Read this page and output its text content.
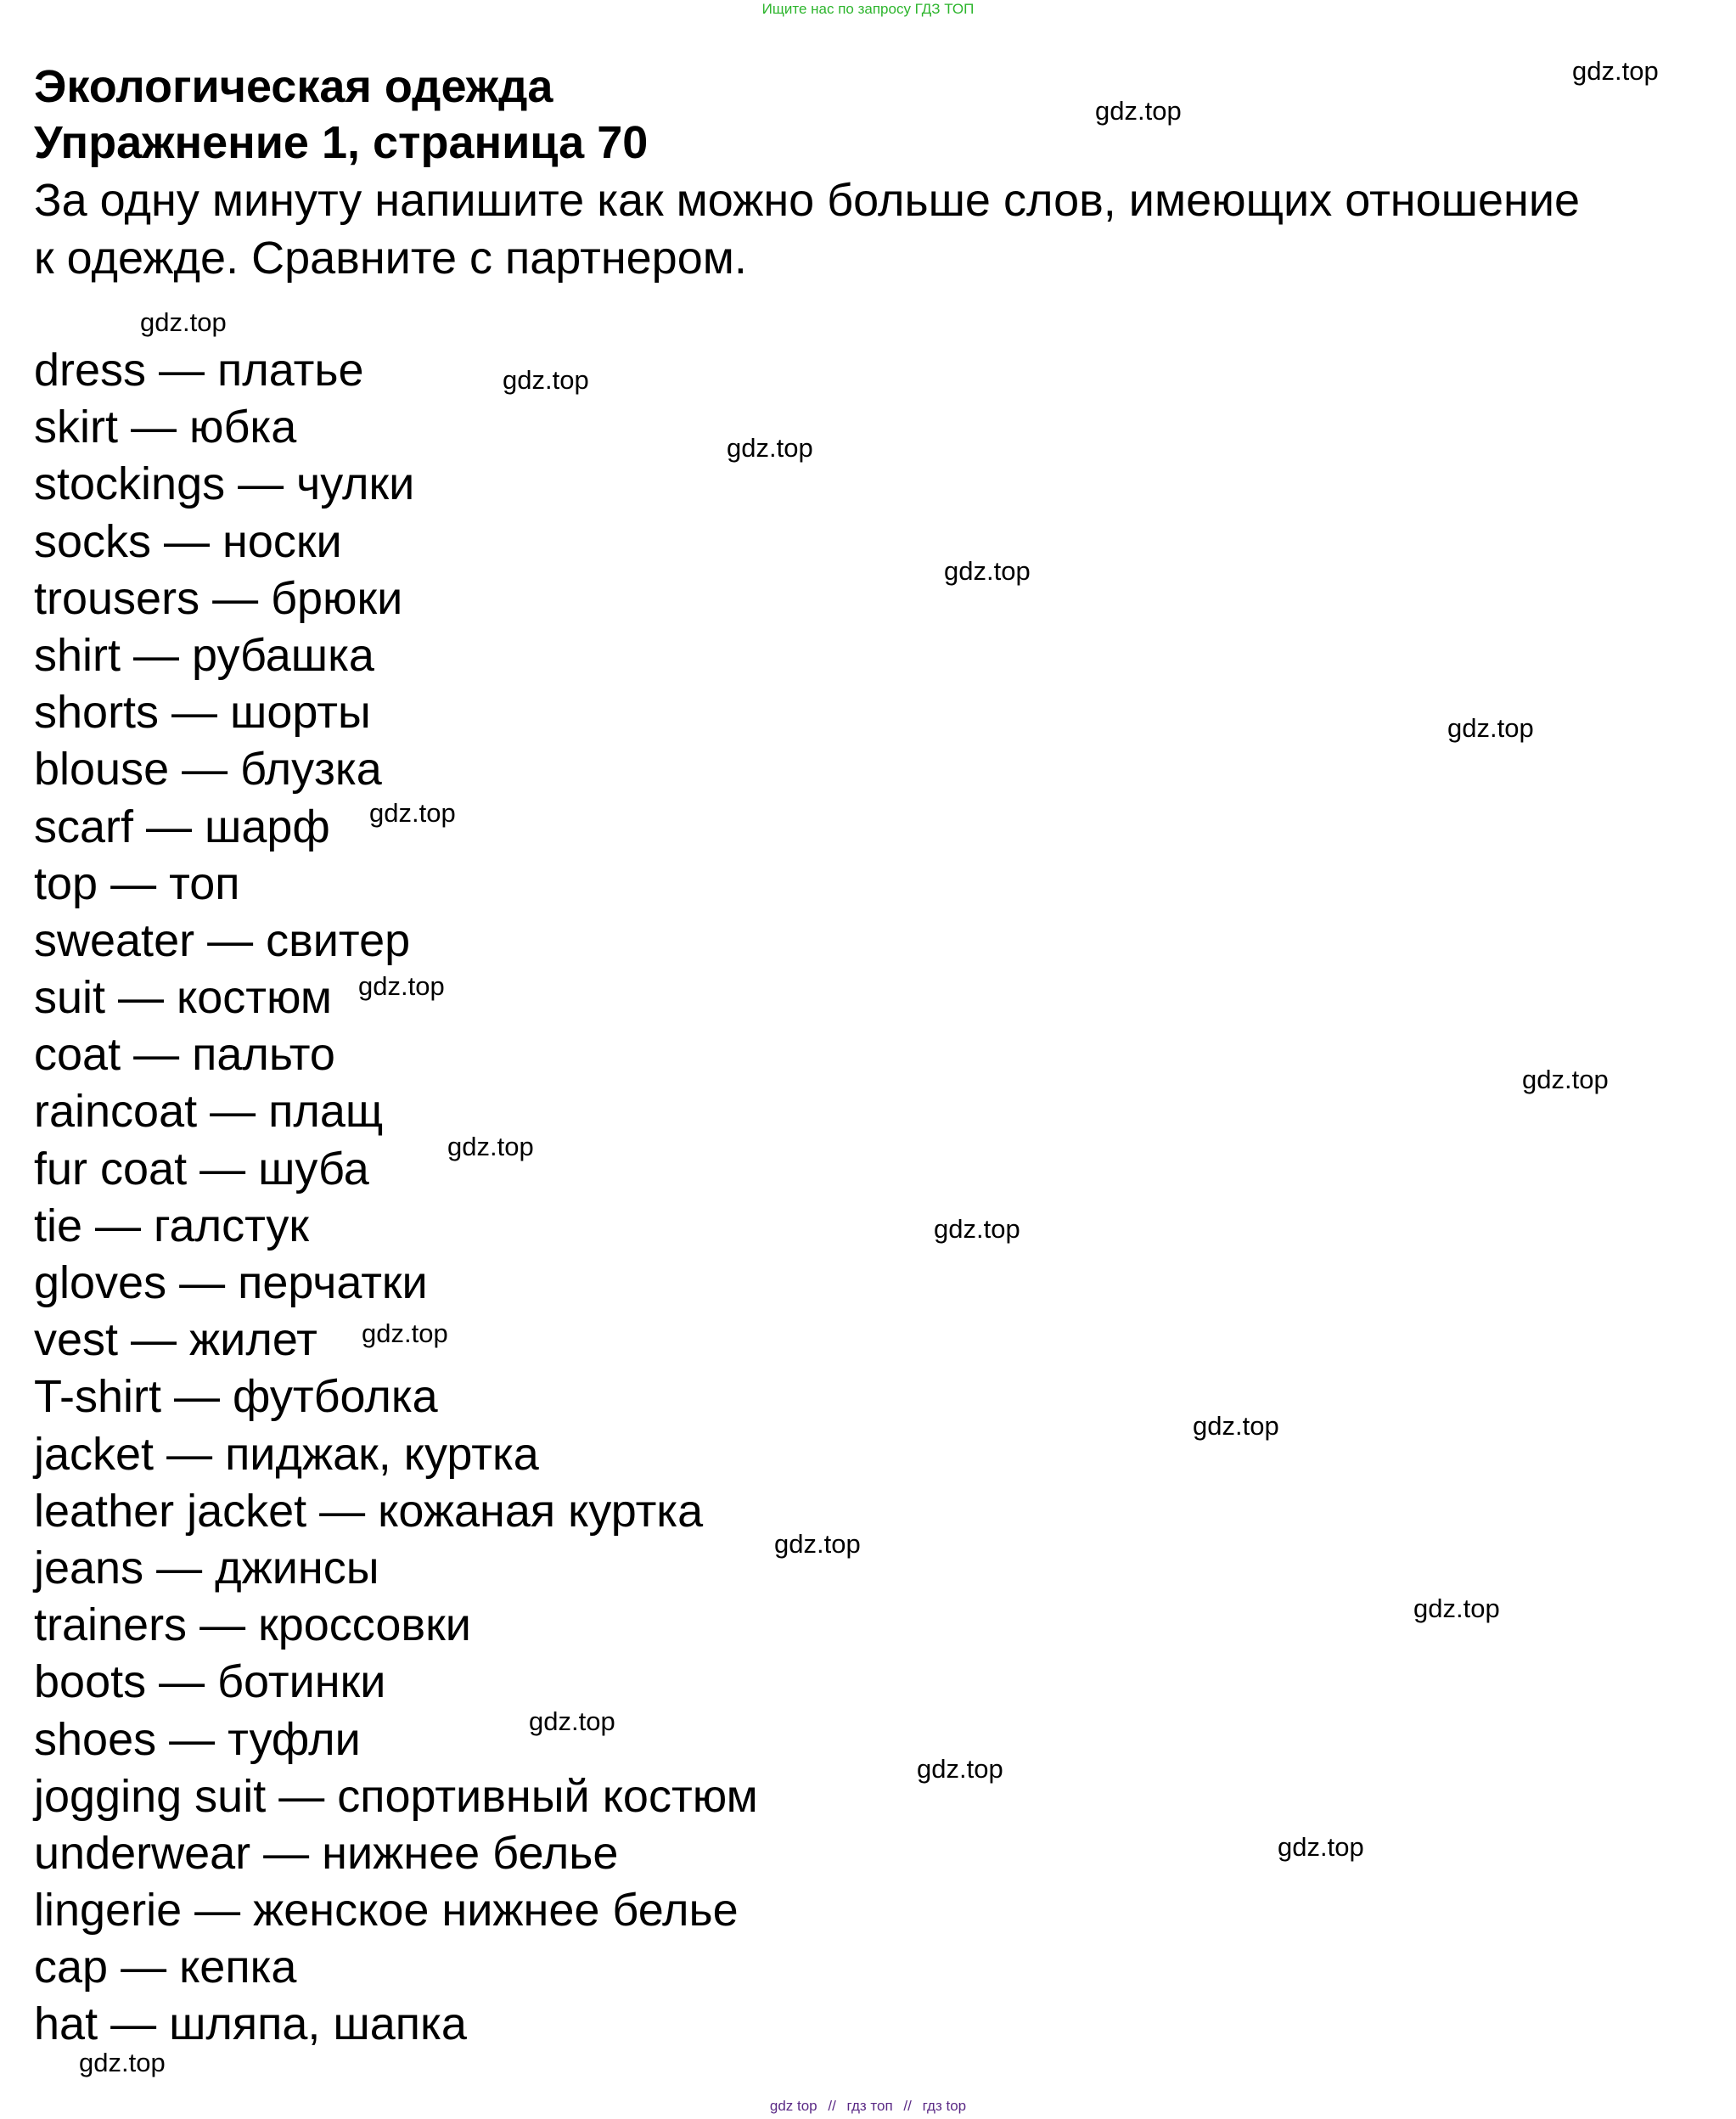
Ищите нас по запросу ГДЗ ТОП
Экологическая одежда
Упражнение 1, страница 70

За одну минуту напишите как можно больше слов, имеющих отношение

к одежде. Сравните с партнером.

dress — платье
skirt — юбка
stockings — чулки
socks — носки
trousers — брюки
shirt — рубашка
shorts — шорты
blouse — блузка
scarf — шарф
top — топ
sweater — свитер
suit — костюм
coat — пальто
raincoat — плащ
fur coat — шуба
tie — галстук
gloves — перчатки
vest — жилет
T-shirt — футболка
jacket — пиджак, куртка
leather jacket — кожаная куртка
jeans — джинсы
trainers — кроссовки
boots — ботинки
shoes — туфли
jogging suit — спортивный костюм
underwear — нижнее белье
lingerie — женское нижнее белье
cap — кепка
hat — шляпа, шапка
gdz.top
gdz.top
gdz.top
gdz.top
gdz.top
gdz.top
gdz.top
gdz.top
gdz.top
gdz.top
gdz.top
gdz.top
gdz.top
gdz.top
gdz.top
gdz.top
gdz.top
gdz.top
gdz.top
gdz.top
gdz top // гдз топ // гдз top
